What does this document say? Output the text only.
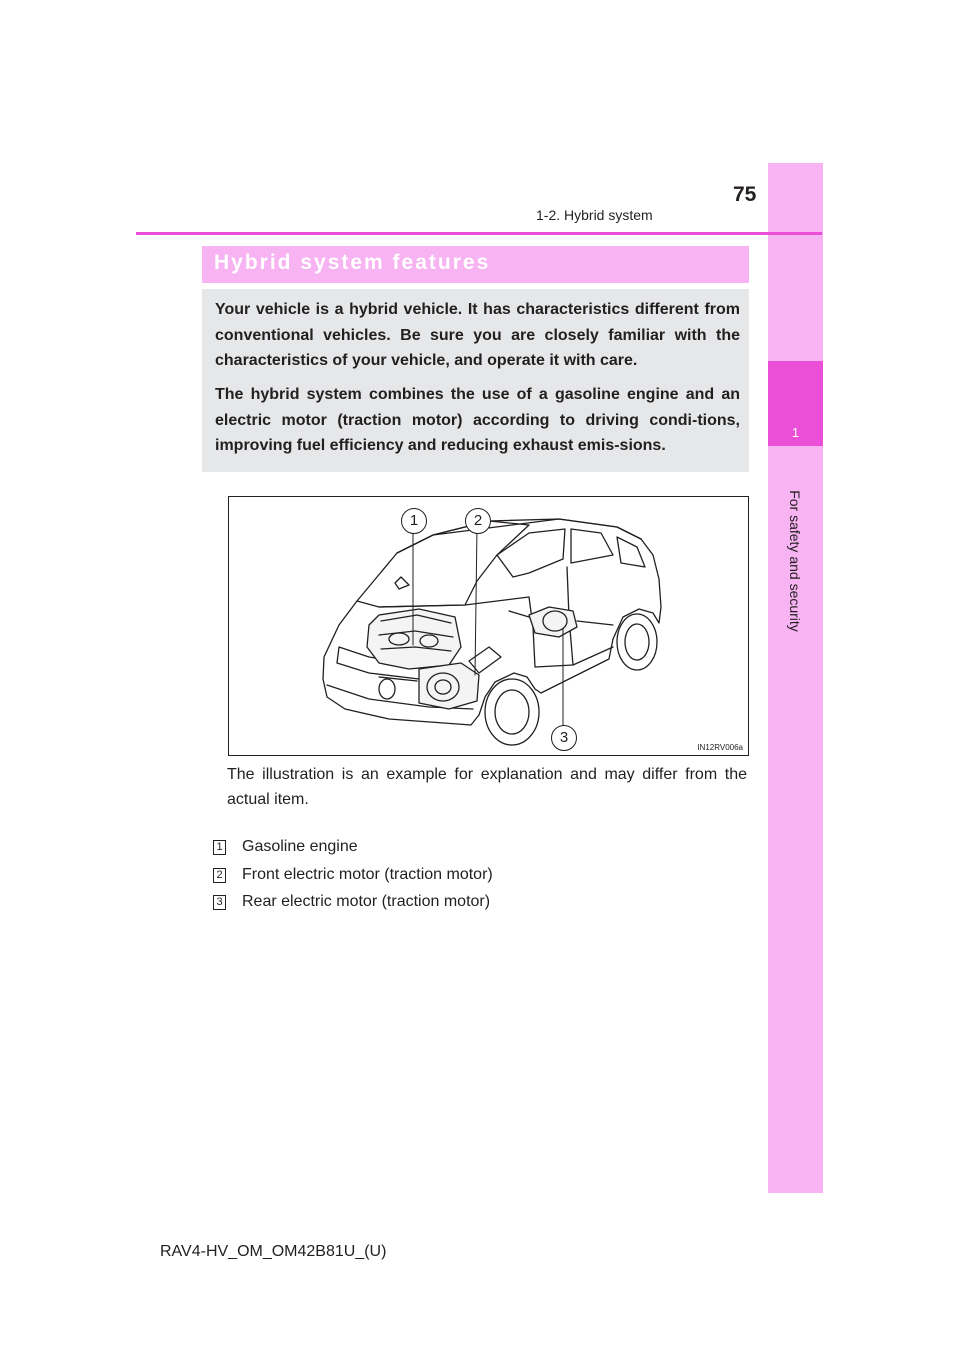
1
For safety and security
75
1-2. Hybrid system
Hybrid system features

Your vehicle is a hybrid vehicle. It has characteristics different from conventional vehicles. Be sure you are closely familiar with the characteristics of your vehicle, and operate it with care.

The hybrid system combines the use of a gasoline engine and an electric motor (traction motor) according to driving condi-tions, improving fuel efficiency and reducing exhaust emis-sions.

1	2
3
IN12RV006a

The illustration is an example for explanation and may differ from the actual item.

1 Gasoline engine
2 Front electric motor (traction motor)
3 Rear electric motor (traction motor)
RAV4-HV_OM_OM42B81U_(U)
